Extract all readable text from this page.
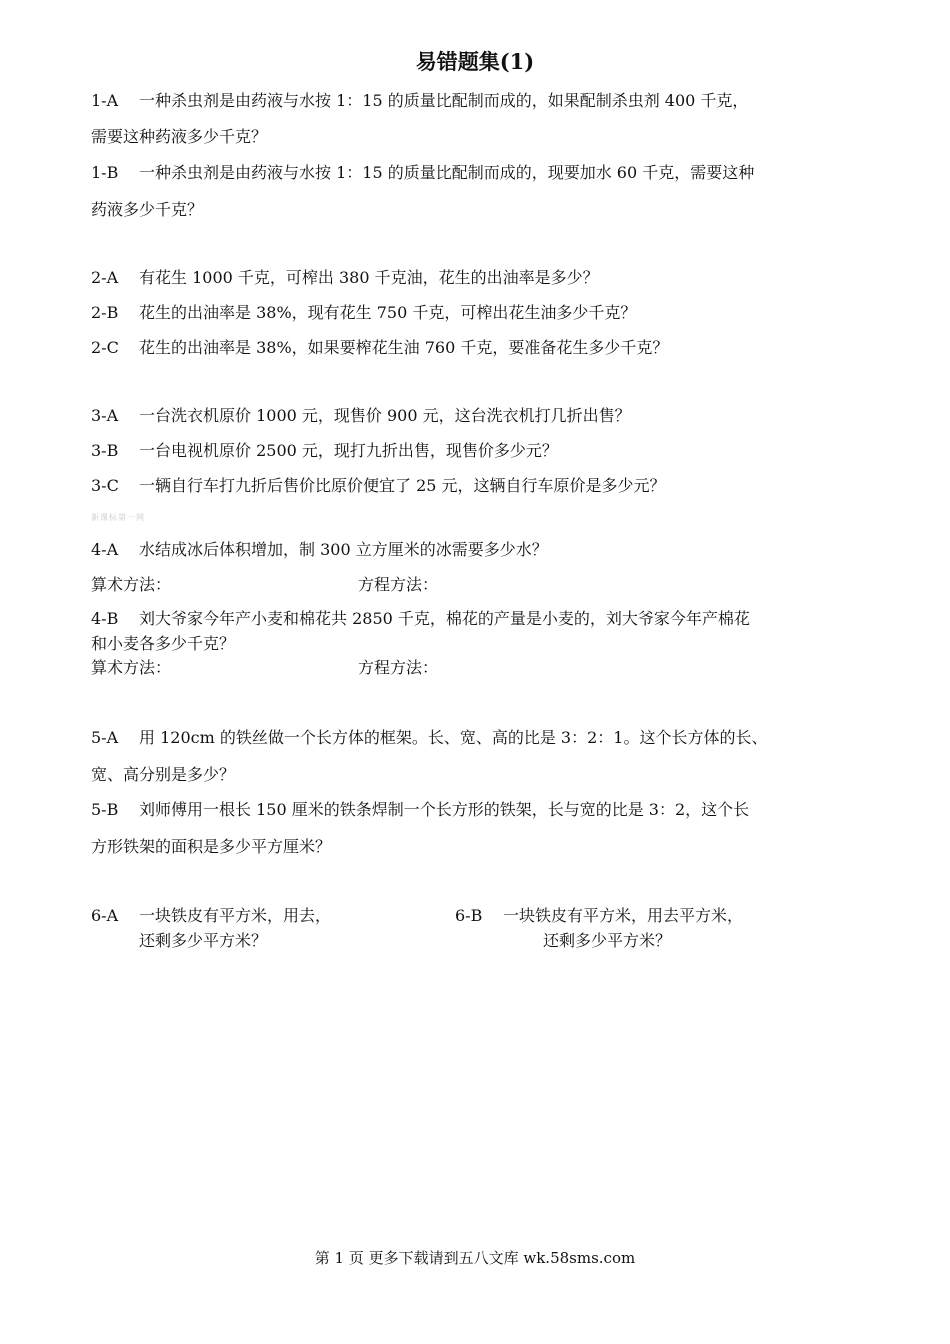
易错题集(1)
1-A 一种杀虫剂是由药液与水按 1：15 的质量比配制而成的，如果配制杀虫剂 400 千克，
需要这种药液多少千克？
1-B 一种杀虫剂是由药液与水按 1：15 的质量比配制而成的，现要加水 60 千克，需要这种
药液多少千克？
2-A 有花生 1000 千克，可榨出 380 千克油，花生的出油率是多少？
2-B 花生的出油率是 38%，现有花生 750 千克，可榨出花生油多少千克？
2-C 花生的出油率是 38%，如果要榨花生油 760 千克，要准备花生多少千克？
3-A 一台洗衣机原价 1000 元，现售价 900 元，这台洗衣机打几折出售？
3-B 一台电视机原价 2500 元，现打九折出售，现售价多少元？
3-C 一辆自行车打九折后售价比原价便宜了 25 元，这辆自行车原价是多少元？
新课标第一网
4-A 水结成冰后体积增加，制 300 立方厘米的冰需要多少水？
算术方法：	方程方法：
4-B 刘大爷家今年产小麦和棉花共 2850 千克，棉花的产量是小麦的，刘大爷家今年产棉花
和小麦各多少千克？
算术方法：	方程方法：
5-A 用 120cm 的铁丝做一个长方体的框架。长、宽、高的比是 3：2：1。这个长方体的长、
宽、高分别是多少？
5-B 刘师傅用一根长 150 厘米的铁条焊制一个长方形的铁架，长与宽的比是 3：2，这个长
方形铁架的面积是多少平方厘米？
6-A 一块铁皮有平方米，用去，
还剩多少平方米？
6-B 一块铁皮有平方米，用去平方米，
还剩多少平方米？
第 1 页 更多下载请到五八文库 wk.58sms.com
